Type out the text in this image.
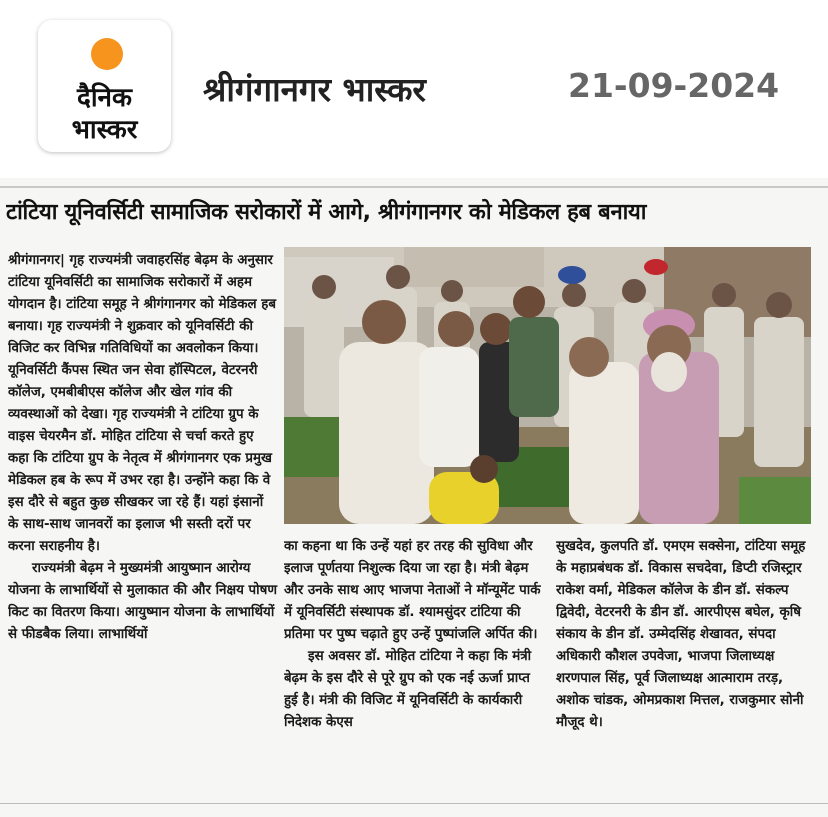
दैनिक
भास्कर
श्रीगंगानगर भास्कर	21-09-2024
टांटिया यूनिवर्सिटी सामाजिक सरोकारों में आगे, श्रीगंगानगर को मेडिकल हब बनाया

श्रीगंगानगर| गृह राज्यमंत्री जवाहरसिंह बेढ़म के अनुसार टांटिया यूनिवर्सिटी का सामाजिक सरोकारों में अहम योगदान है। टांटिया समूह ने श्रीगंगानगर को मेडिकल हब बनाया। गृह राज्यमंत्री ने शुक्रवार को यूनिवर्सिटी की विजिट कर विभिन्न गतिविधियों का अवलोकन किया। यूनिवर्सिटी कैंपस स्थित जन सेवा हॉस्पिटल, वेटरनरी कॉलेज, एमबीबीएस कॉलेज और खेल गांव की व्यवस्थाओं को देखा। गृह राज्यमंत्री ने टांटिया ग्रुप के वाइस चेयरमैन डॉ. मोहित टांटिया से चर्चा करते हुए कहा कि टांटिया ग्रुप के नेतृत्व में श्रीगंगानगर एक प्रमुख मेडिकल हब के रूप में उभर रहा है। उन्होंने कहा कि वे इस दौरे से बहुत कुछ सीखकर जा रहे हैं। यहां इंसानों के साथ-साथ जानवरों का इलाज भी सस्ती दरों पर करना सराहनीय है।

राज्यमंत्री बेढ़म ने मुख्यमंत्री आयुष्मान आरोग्य योजना के लाभार्थियों से मुलाकात की और निक्षय पोषण किट का वितरण किया। आयुष्मान योजना के लाभार्थियों से फीडबैक लिया। लाभार्थियों

का कहना था कि उन्हें यहां हर तरह की सुविधा और इलाज पूर्णतया निशुल्क दिया जा रहा है। मंत्री बेढ़म और उनके साथ आए भाजपा नेताओं ने मॉन्यूमेंट पार्क में यूनिवर्सिटी संस्थापक डॉ. श्यामसुंदर टांटिया की प्रतिमा पर पुष्प चढ़ाते हुए उन्हें पुष्पांजलि अर्पित की।

इस अवसर डॉ. मोहित टांटिया ने कहा कि मंत्री बेढ़म के इस दौरे से पूरे ग्रुप को एक नई ऊर्जा प्राप्त हुई है। मंत्री की विजिट में यूनिवर्सिटी के कार्यकारी निदेशक केएस

सुखदेव, कुलपति डॉ. एमएम सक्सेना, टांटिया समूह के महाप्रबंधक डॉ. विकास सचदेवा, डिप्टी रजिस्ट्रार राकेश वर्मा, मेडिकल कॉलेज के डीन डॉ. संकल्प द्विवेदी, वेटरनरी के डीन डॉ. आरपीएस बघेल, कृषि संकाय के डीन डॉ. उम्मेदसिंह शेखावत, संपदा अधिकारी कौशल उपवेजा, भाजपा जिलाध्यक्ष शरणपाल सिंह, पूर्व जिलाध्यक्ष आत्माराम तरड़, अशोक चांडक, ओमप्रकाश मित्तल, राजकुमार सोनी मौजूद थे।
